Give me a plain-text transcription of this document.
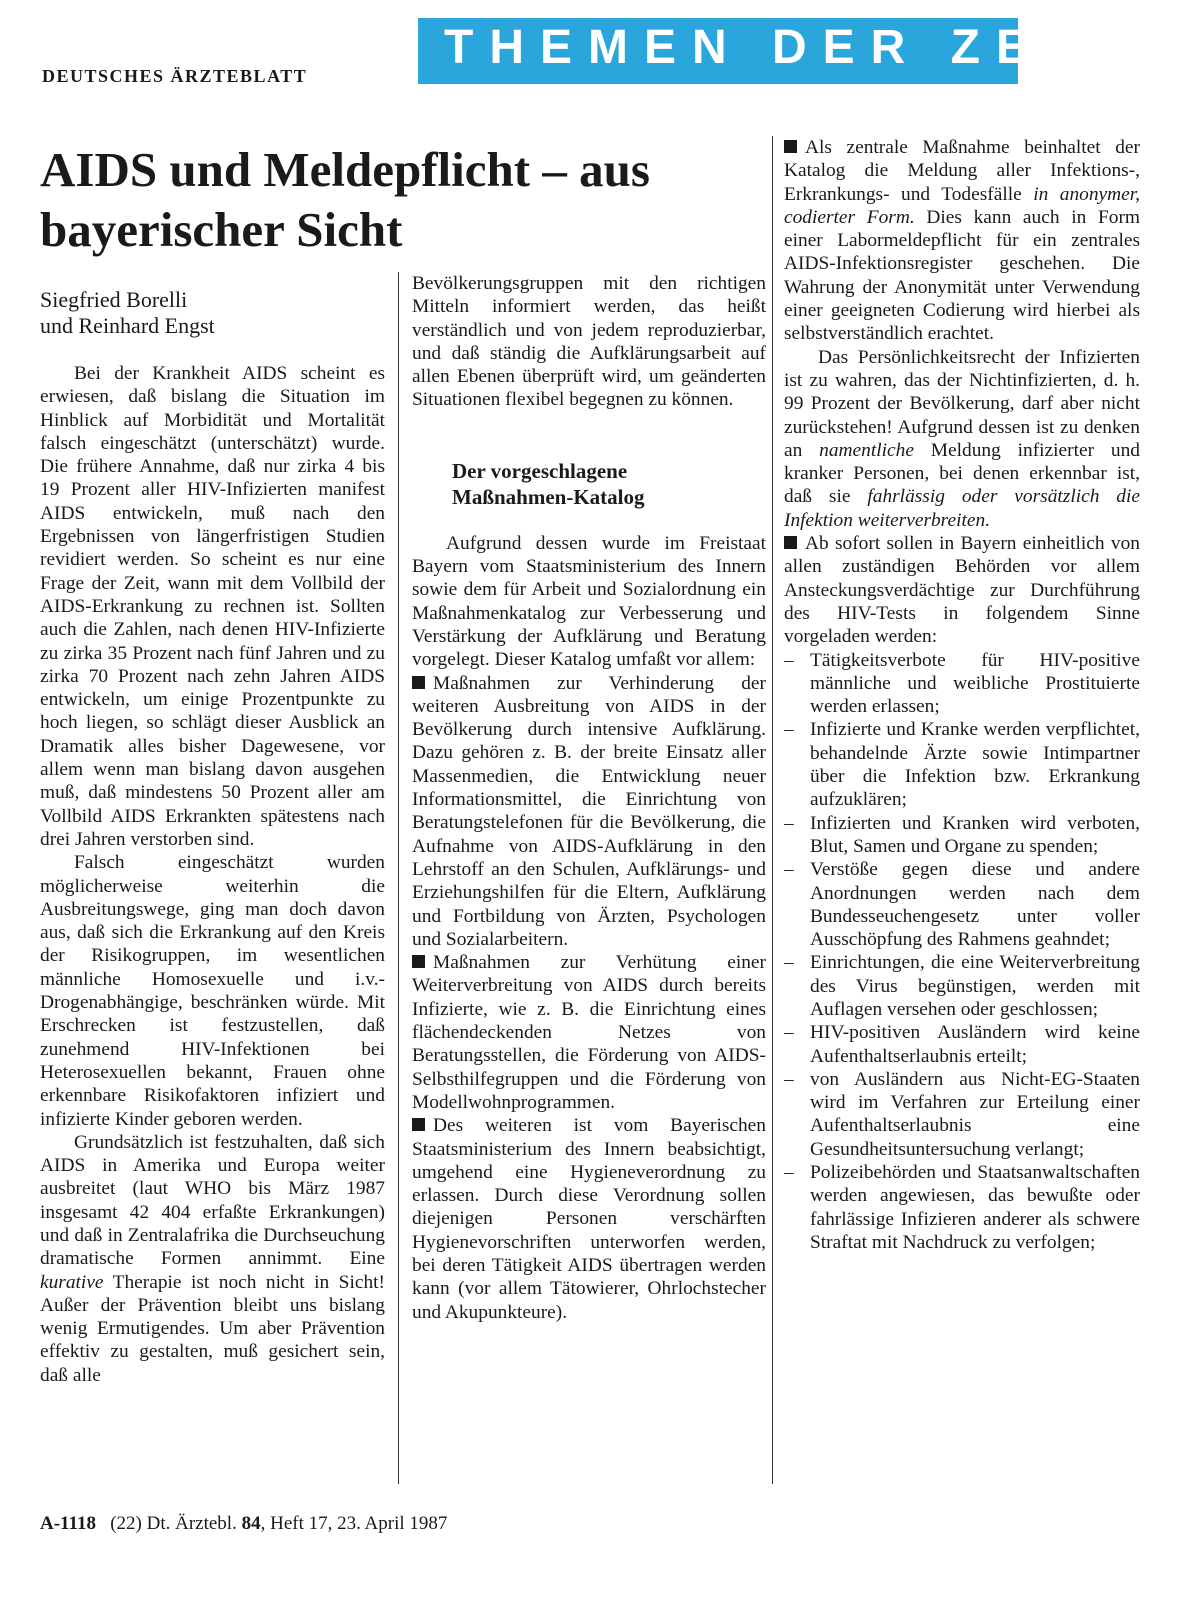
DEUTSCHES ÄRZTEBLATT
THEMEN DER ZEIT
AIDS und Meldepflicht – aus bayerischer Sicht
Siegfried Borelli
und Reinhard Engst

Bei der Krankheit AIDS scheint es erwiesen, daß bislang die Situation im Hinblick auf Morbidität und Mortalität falsch eingeschätzt (unterschätzt) wurde. Die frühere Annahme, daß nur zirka 4 bis 19 Prozent aller HIV-Infizierten manifest AIDS entwickeln, muß nach den Ergebnissen von längerfristigen Studien revidiert werden. So scheint es nur eine Frage der Zeit, wann mit dem Vollbild der AIDS-Erkrankung zu rechnen ist. Sollten auch die Zahlen, nach denen HIV-Infizierte zu zirka 35 Prozent nach fünf Jahren und zu zirka 70 Prozent nach zehn Jahren AIDS entwickeln, um einige Prozentpunkte zu hoch liegen, so schlägt dieser Ausblick an Dramatik alles bisher Dagewesene, vor allem wenn man bislang davon ausgehen muß, daß mindestens 50 Prozent aller am Vollbild AIDS Erkrankten spätestens nach drei Jahren verstorben sind.

Falsch eingeschätzt wurden möglicherweise weiterhin die Ausbreitungswege, ging man doch davon aus, daß sich die Erkrankung auf den Kreis der Risikogruppen, im wesentlichen männliche Homosexuelle und i.v.-Drogenabhängige, beschränken würde. Mit Erschrecken ist festzustellen, daß zunehmend HIV-Infektionen bei Heterosexuellen bekannt, Frauen ohne erkennbare Risikofaktoren infiziert und infizierte Kinder geboren werden.

Grundsätzlich ist festzuhalten, daß sich AIDS in Amerika und Europa weiter ausbreitet (laut WHO bis März 1987 insgesamt 42 404 erfaßte Erkrankungen) und daß in Zentralafrika die Durchseuchung dramatische Formen annimmt. Eine kurative Therapie ist noch nicht in Sicht! Außer der Prävention bleibt uns bislang wenig Ermutigendes. Um aber Prävention effektiv zu gestalten, muß gesichert sein, daß alle

Bevölkerungsgruppen mit den richtigen Mitteln informiert werden, das heißt verständlich und von jedem reproduzierbar, und daß ständig die Aufklärungsarbeit auf allen Ebenen überprüft wird, um geänderten Situationen flexibel begegnen zu können.

Der vorgeschlagene
Maßnahmen-Katalog

Aufgrund dessen wurde im Freistaat Bayern vom Staatsministerium des Innern sowie dem für Arbeit und Sozialordnung ein Maßnahmenkatalog zur Verbesserung und Verstärkung der Aufklärung und Beratung vorgelegt. Dieser Katalog umfaßt vor allem:

Maßnahmen zur Verhinderung der weiteren Ausbreitung von AIDS in der Bevölkerung durch intensive Aufklärung. Dazu gehören z. B. der breite Einsatz aller Massenmedien, die Entwicklung neuer Informationsmittel, die Einrichtung von Beratungstelefonen für die Bevölkerung, die Aufnahme von AIDS-Aufklärung in den Lehrstoff an den Schulen, Aufklärungs- und Erziehungshilfen für die Eltern, Aufklärung und Fortbildung von Ärzten, Psychologen und Sozialarbeitern.

Maßnahmen zur Verhütung einer Weiterverbreitung von AIDS durch bereits Infizierte, wie z. B. die Einrichtung eines flächendeckenden Netzes von Beratungsstellen, die Förderung von AIDS-Selbsthilfegruppen und die Förderung von Modellwohnprogrammen.

Des weiteren ist vom Bayerischen Staatsministerium des Innern beabsichtigt, umgehend eine Hygieneverordnung zu erlassen. Durch diese Verordnung sollen diejenigen Personen verschärften Hygienevorschriften unterworfen werden, bei deren Tätigkeit AIDS übertragen werden kann (vor allem Tätowierer, Ohrlochstecher und Akupunkteure).

Als zentrale Maßnahme beinhaltet der Katalog die Meldung aller Infektions-, Erkrankungs- und Todesfälle in anonymer, codierter Form. Dies kann auch in Form einer Labormeldepflicht für ein zentrales AIDS-Infektionsregister geschehen. Die Wahrung der Anonymität unter Verwendung einer geeigneten Codierung wird hierbei als selbstverständlich erachtet.

Das Persönlichkeitsrecht der Infizierten ist zu wahren, das der Nichtinfizierten, d. h. 99 Prozent der Bevölkerung, darf aber nicht zurückstehen! Aufgrund dessen ist zu denken an namentliche Meldung infizierter und kranker Personen, bei denen erkennbar ist, daß sie fahrlässig oder vorsätzlich die Infektion weiterverbreiten.

Ab sofort sollen in Bayern einheitlich von allen zuständigen Behörden vor allem Ansteckungsverdächtige zur Durchführung des HIV-Tests in folgendem Sinne vorgeladen werden:

– Tätigkeitsverbote für HIV-positive männliche und weibliche Prostituierte werden erlassen;
– Infizierte und Kranke werden verpflichtet, behandelnde Ärzte sowie Intimpartner über die Infektion bzw. Erkrankung aufzuklären;
– Infizierten und Kranken wird verboten, Blut, Samen und Organe zu spenden;
– Verstöße gegen diese und andere Anordnungen werden nach dem Bundesseuchengesetz unter voller Ausschöpfung des Rahmens geahndet;
– Einrichtungen, die eine Weiterverbreitung des Virus begünstigen, werden mit Auflagen versehen oder geschlossen;
– HIV-positiven Ausländern wird keine Aufenthaltserlaubnis erteilt;
– von Ausländern aus Nicht-EG-Staaten wird im Verfahren zur Erteilung einer Aufenthaltserlaubnis eine Gesundheitsuntersuchung verlangt;
– Polizeibehörden und Staatsanwaltschaften werden angewiesen, das bewußte oder fahrlässige Infizieren anderer als schwere Straftat mit Nachdruck zu verfolgen;
A-1118 (22) Dt. Ärztebl. 84, Heft 17, 23. April 1987
